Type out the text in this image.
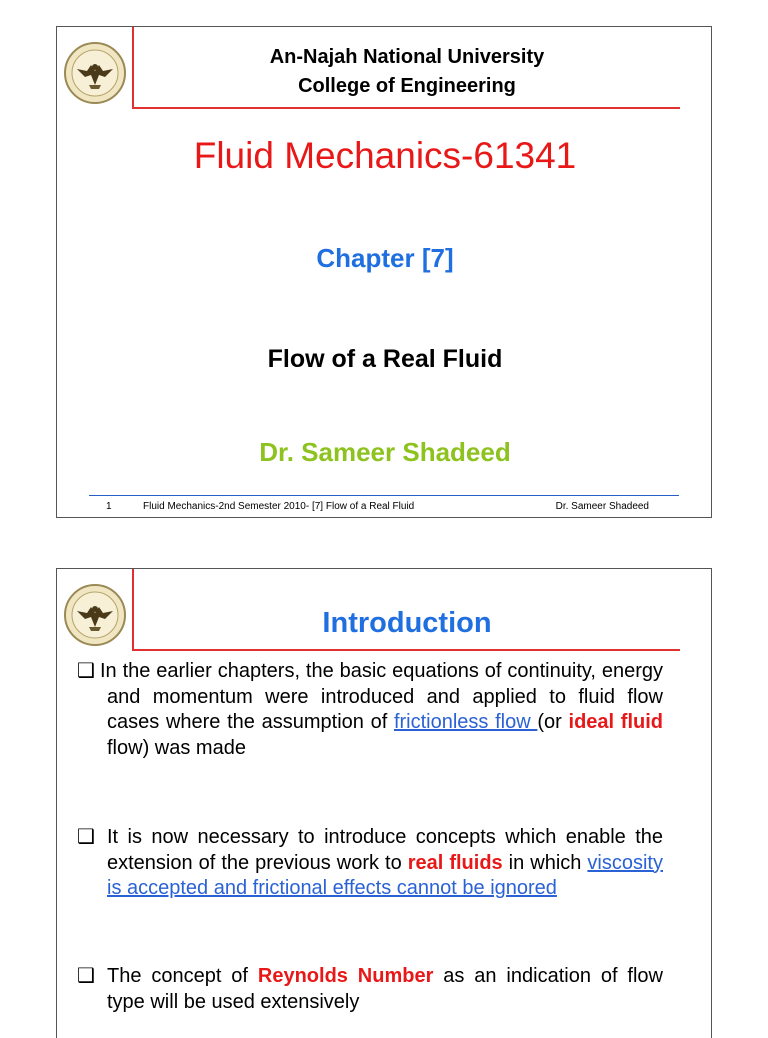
An-Najah National University
College of Engineering
Fluid Mechanics-61341
Chapter [7]
Flow of a Real Fluid
Dr. Sameer Shadeed
1	Fluid Mechanics-2nd Semester 2010- [7] Flow of a Real Fluid	Dr. Sameer Shadeed
Introduction
❑ In the earlier chapters, the basic equations of continuity, energy and momentum were introduced and applied to fluid flow cases where the assumption of frictionless flow (or ideal fluid flow) was made
❑ It is now necessary to introduce concepts which enable the extension of the previous work to real fluids in which viscosity is accepted and frictional effects cannot be ignored
❑ The concept of Reynolds Number as an indication of flow type will be used extensively
